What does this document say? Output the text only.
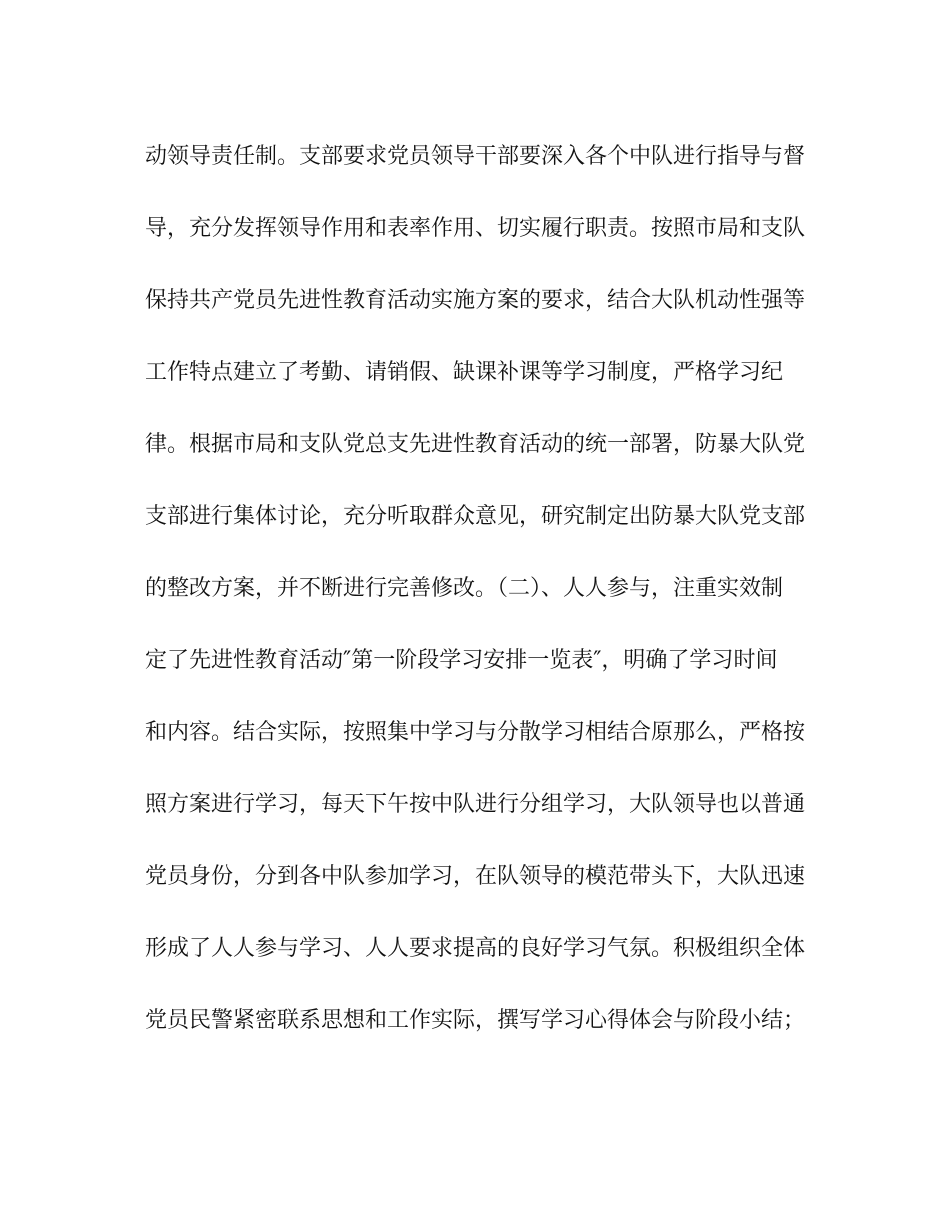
动领导责任制。支部要求党员领导干部要深入各个中队进行指导与督
导，充分发挥领导作用和表率作用、切实履行职责。按照市局和支队
保持共产党员先进性教育活动实施方案的要求，结合大队机动性强等
工作特点建立了考勤、请销假、缺课补课等学习制度，严格学习纪
律。根据市局和支队党总支先进性教育活动的统一部署，防暴大队党
支部进行集体讨论，充分听取群众意见，研究制定出防暴大队党支部
的整改方案，并不断进行完善修改。（二）、人人参与，注重实效制
定了先进性教育活动″第一阶段学习安排一览表″，明确了学习时间
和内容。结合实际，按照集中学习与分散学习相结合原那么，严格按
照方案进行学习，每天下午按中队进行分组学习，大队领导也以普通
党员身份，分到各中队参加学习，在队领导的模范带头下，大队迅速
形成了人人参与学习、人人要求提高的良好学习气氛。积极组织全体
党员民警紧密联系思想和工作实际，撰写学习心得体会与阶段小结；
